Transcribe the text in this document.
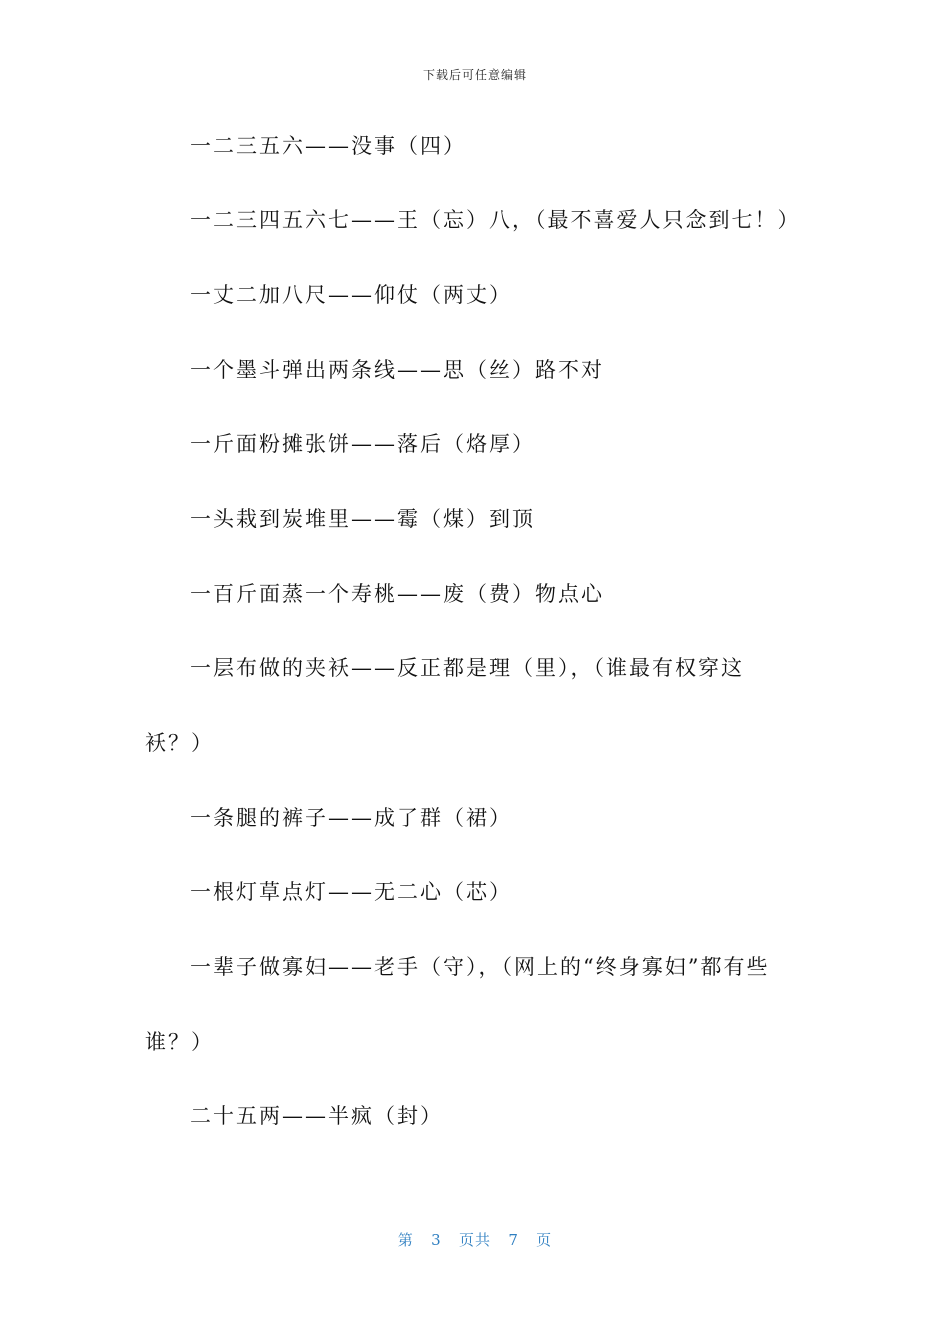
下载后可任意编辑
一二三五六——没事（四）
一二三四五六七——王（忘）八，（最不喜爱人只念到七！）
一丈二加八尺——仰仗（两丈）
一个墨斗弹出两条线——思（丝）路不对
一斤面粉摊张饼——落后（烙厚）
一头栽到炭堆里——霉（煤）到顶
一百斤面蒸一个寿桃——废（费）物点心
一层布做的夹袄——反正都是理（里），（谁最有权穿这
袄？）
一条腿的裤子——成了群（裙）
一根灯草点灯——无二心（芯）
一辈子做寡妇——老手（守），（网上的“终身寡妇”都有些
谁？）
二十五两——半疯（封）
第 3 页共 7 页
